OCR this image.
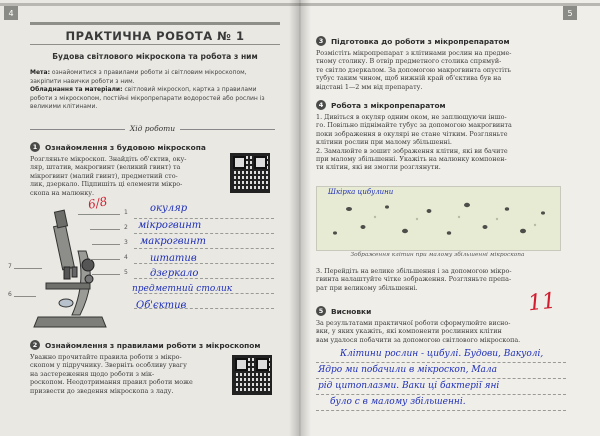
4
ПРАКТИЧНА РОБОТА № 1
Будова світлового мікроскопа та робота з ним
Мета: ознайомитися з правилами роботи зі світловим мікроскопом, закріпити навички роботи з ним.
Обладнання та матеріали: світловий мікроскоп, картка з правилами роботи з мікроскопом, постійні мікропрепарати водоростей або рослин із великими клітинами.
Хід роботи
1	Ознайомлення з будовою мікроскопа
Розгляньте мікроскоп. Знайдіть об'єктив, оку-
ляр, штатив, макрогвинт (великий гвинт) та
мікрогвинт (малий гвинт), предметний сто-
лик, дзеркало. Підпишіть ці елементи мікро-
скопа на малюнку.
1
2
3
4
5
6
7
окуляр
мікрогвинт
макрогвинт
штатив
дзеркало
предметний столик
Об'єктив
6/8
2	Ознайомлення з правилами роботи з мікроскопом
Уважно прочитайте правила роботи з мікро-
скопом у підручнику. Зверніть особливу увагу
на застереження щодо роботи з мік-
роскопом. Неодотримання правил роботи може
призвести до зведення мікроскопа з ладу.
5
3	Підготовка до роботи з мікропрепаратом
Розмістіть мікропрепарат з клітинами рослин на предме-
тному столику. В отвір предметного столика спрямуй-
те світло дзеркалом. За допомогою макрогвинта опустіть
тубус таким чином, щоб нижній край об'єктива був на
відстані 1—2 мм від препарату.
4	Робота з мікропрепаратом
1. Дивіться в окуляр одним оком, не заплющуючи іншо-
го. Повільно піднімайте тубус за допомогою макрогвинта
поки зображення в окулярі не стане чітким. Розгляньте
клітини рослин при малому збільшенні.
2. Замалюйте в зошит зображення клітин, які ви бачите
при малому збільшенні. Укажіть на малюнку компонен-
ти клітин, які ви змогли розглянути.
Шкірка цибулини
Зображення клітин при малому збільшенні мікроскопа
3. Перейдіть на велике збільшення і за допомогою мікро-
гвинта налаштуйте чітке зображення. Розгляньте препа-
рат при великому збільшенні.
5	Висновки
За результатами практичної роботи сформулюйте висно-
вки, у яких укажіть, які компоненти рослинних клітин
вам удалося побачити за допомогою світлового мікроскопа.
Клітини рослин - цибулі. Будови, Вакуолі,
Ядро ми побачили в мікроскоп, Мала
рід цитоплазми. Ваки ці бактерії яні
було с в малому збільшенні.
11
